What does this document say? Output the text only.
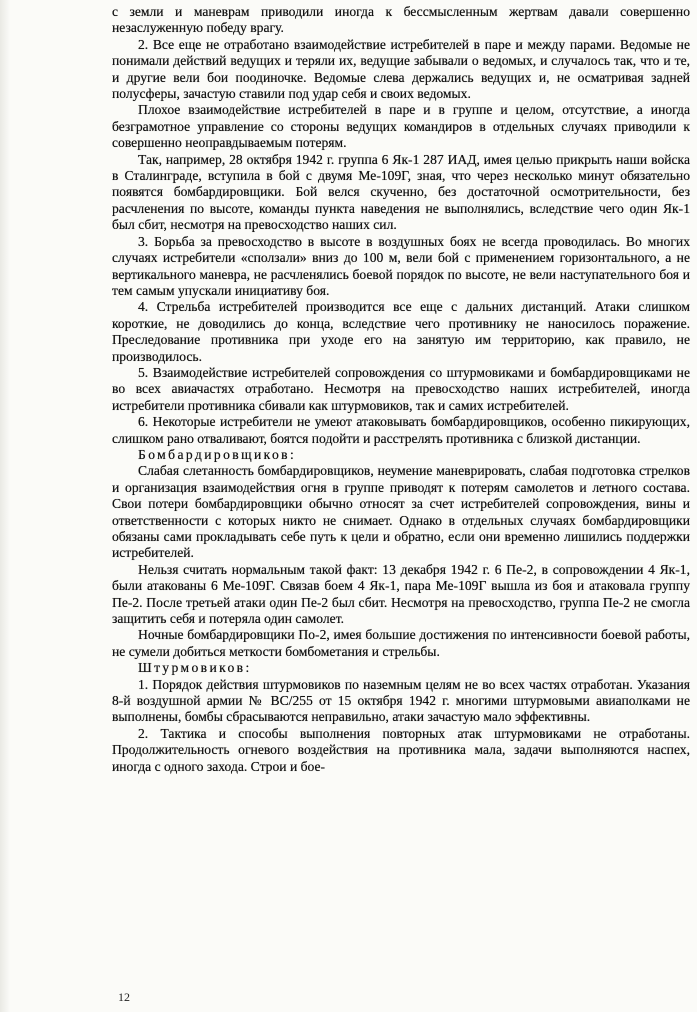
с земли и маневрам приводили иногда к бессмысленным жертвам давали совершенно незаслуженную победу врагу.

2. Все еще не отработано взаимодействие истребителей в паре и между парами. Ведомые не понимали действий ведущих и теряли их, ведущие забывали о ведомых, и случалось так, что и те, и другие вели бои поодиночке. Ведомые слева держались ведущих и, не осматривая задней полусферы, зачастую ставили под удар себя и своих ведомых.

Плохое взаимодействие истребителей в паре и в группе и целом, отсутствие, а иногда безграмотное управление со стороны ведущих командиров в отдельных случаях приводили к совершенно неоправдываемым потерям.

Так, например, 28 октября 1942 г. группа 6 Як-1 287 ИАД, имея целью прикрыть наши войска в Сталинграде, вступила в бой с двумя Ме-109Г, зная, что через несколько минут обязательно появятся бомбардировщики. Бой велся скученно, без достаточной осмотрительности, без расчленения по высоте, команды пункта наведения не выполнялись, вследствие чего один Як-1 был сбит, несмотря на превосходство наших сил.

3. Борьба за превосходство в высоте в воздушных боях не всегда проводилась. Во многих случаях истребители «сползали» вниз до 100 м, вели бой с применением горизонтального, а не вертикального маневра, не расчленялись боевой порядок по высоте, не вели наступательного боя и тем самым упускали инициативу боя.

4. Стрельба истребителей производится все еще с дальних дистанций. Атаки слишком короткие, не доводились до конца, вследствие чего противнику не наносилось поражение. Преследование противника при уходе его на занятую им территорию, как правило, не производилось.

5. Взаимодействие истребителей сопровождения со штурмовиками и бомбардировщиками не во всех авиачастях отработано. Несмотря на превосходство наших истребителей, иногда истребители противника сбивали как штурмовиков, так и самих истребителей.

6. Некоторые истребители не умеют атаковывать бомбардировщиков, особенно пикирующих, слишком рано отваливают, боятся подойти и расстрелять противника с близкой дистанции.

Бомбардировщиков:

Слабая слетанность бомбардировщиков, неумение маневрировать, слабая подготовка стрелков и организация взаимодействия огня в группе приводят к потерям самолетов и летного состава. Свои потери бомбардировщики обычно относят за счет истребителей сопровождения, вины и ответственности с которых никто не снимает. Однако в отдельных случаях бомбардировщики обязаны сами прокладывать себе путь к цели и обратно, если они временно лишились поддержки истребителей.

Нельзя считать нормальным такой факт: 13 декабря 1942 г. 6 Пе-2, в сопровождении 4 Як-1, были атакованы 6 Ме-109Г. Связав боем 4 Як-1, пара Ме-109Г вышла из боя и атаковала группу Пе-2. После третьей атаки один Пе-2 был сбит. Несмотря на превосходство, группа Пе-2 не смогла защитить себя и потеряла один самолет.

Ночные бомбардировщики По-2, имея большие достижения по интенсивности боевой работы, не сумели добиться меткости бомбометания и стрельбы.

Штурмовиков:

1. Порядок действия штурмовиков по наземным целям не во всех частях отработан. Указания 8-й воздушной армии № ВС/255 от 15 октября 1942 г. многими штурмовыми авиаполками не выполнены, бомбы сбрасываются неправильно, атаки зачастую мало эффективны.

2. Тактика и способы выполнения повторных атак штурмовиками не отработаны. Продолжительность огневого воздействия на противника мала, задачи выполняются наспех, иногда с одного захода. Строи и бое-

12
